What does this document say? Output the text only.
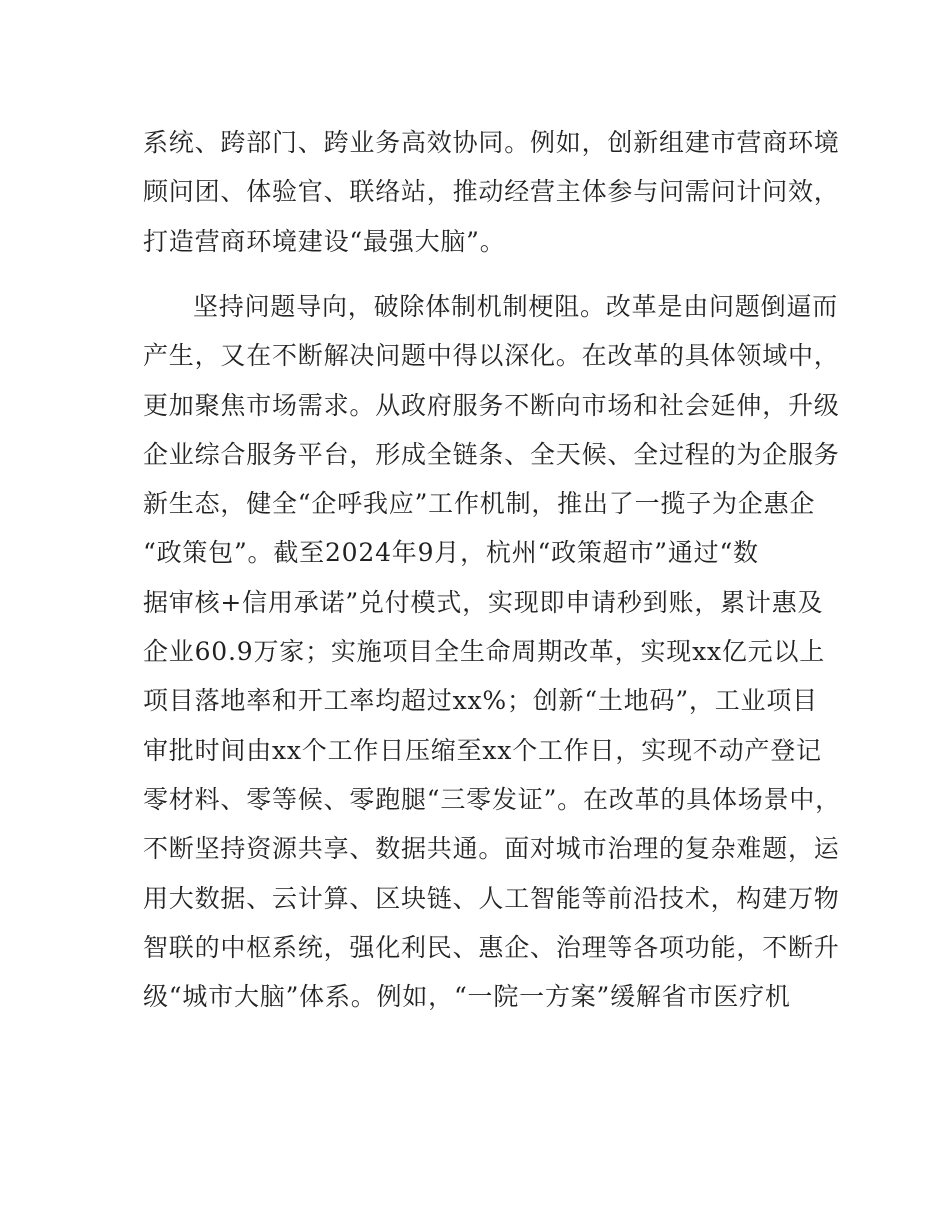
系统、跨部门、跨业务高效协同。例如，创新组建市营商环境
顾问团、体验官、联络站，推动经营主体参与问需问计问效，
打造营商环境建设“最强大脑”。
坚持问题导向，破除体制机制梗阻。改革是由问题倒逼而
产生，又在不断解决问题中得以深化。在改革的具体领域中，
更加聚焦市场需求。从政府服务不断向市场和社会延伸，升级
企业综合服务平台，形成全链条、全天候、全过程的为企服务
新生态，健全“企呼我应”工作机制，推出了一揽子为企惠企
“政策包”。截至2024年9月，杭州“政策超市”通过“数
据审核+信用承诺”兑付模式，实现即申请秒到账，累计惠及
企业60.9万家；实施项目全生命周期改革，实现xx亿元以上
项目落地率和开工率均超过xx%；创新“土地码”，工业项目
审批时间由xx个工作日压缩至xx个工作日，实现不动产登记
零材料、零等候、零跑腿“三零发证”。在改革的具体场景中，
不断坚持资源共享、数据共通。面对城市治理的复杂难题，运
用大数据、云计算、区块链、人工智能等前沿技术，构建万物
智联的中枢系统，强化利民、惠企、治理等各项功能，不断升
级“城市大脑”体系。例如，“一院一方案”缓解省市医疗机
